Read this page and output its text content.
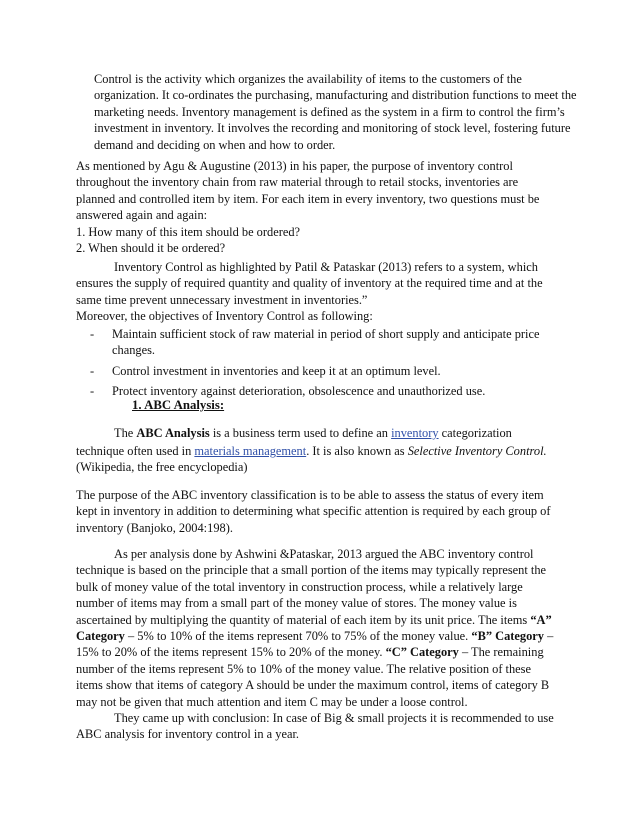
Control is the activity which organizes the availability of items to the customers of the
organization. It co-ordinates the purchasing, manufacturing and distribution functions to meet the
marketing needs. Inventory management is defined as the system in a firm to control the firm’s
investment in inventory. It involves the recording and monitoring of stock level, fostering future
demand and deciding on when and how to order.
As mentioned by Agu & Augustine (2013) in his paper, the purpose of inventory control
throughout the inventory chain from raw material through to retail stocks, inventories are
planned and controlled item by item. For each item in every inventory, two questions must be
answered again and again:
1. How many of this item should be ordered?
2. When should it be ordered?
Inventory Control as highlighted by Patil & Pataskar (2013) refers to a system, which
ensures the supply of required quantity and quality of inventory at the required time and at the
same time prevent unnecessary investment in inventories.”
Moreover, the objectives of Inventory Control as following:
- Maintain sufficient stock of raw material in period of short supply and anticipate price
changes.
- Control investment in inventories and keep it at an optimum level.
- Protect inventory against deterioration, obsolescence and unauthorized use.
1. ABC Analysis:
The ABC Analysis is a business term used to define an inventory categorization
technique often used in materials management. It is also known as Selective Inventory Control.
(Wikipedia, the free encyclopedia)
The purpose of the ABC inventory classification is to be able to assess the status of every item
kept in inventory in addition to determining what specific attention is required by each group of
inventory (Banjoko, 2004:198).
As per analysis done by Ashwini &Pataskar, 2013 argued the ABC inventory control
technique is based on the principle that a small portion of the items may typically represent the
bulk of money value of the total inventory in construction process, while a relatively large
number of items may from a small part of the money value of stores. The money value is
ascertained by multiplying the quantity of material of each item by its unit price. The items “A”
Category – 5% to 10% of the items represent 70% to 75% of the money value. “B” Category –
15% to 20% of the items represent 15% to 20% of the money. “C” Category – The remaining
number of the items represent 5% to 10% of the money value. The relative position of these
items show that items of category A should be under the maximum control, items of category B
may not be given that much attention and item C may be under a loose control.
They came up with conclusion: In case of Big & small projects it is recommended to use
ABC analysis for inventory control in a year.
